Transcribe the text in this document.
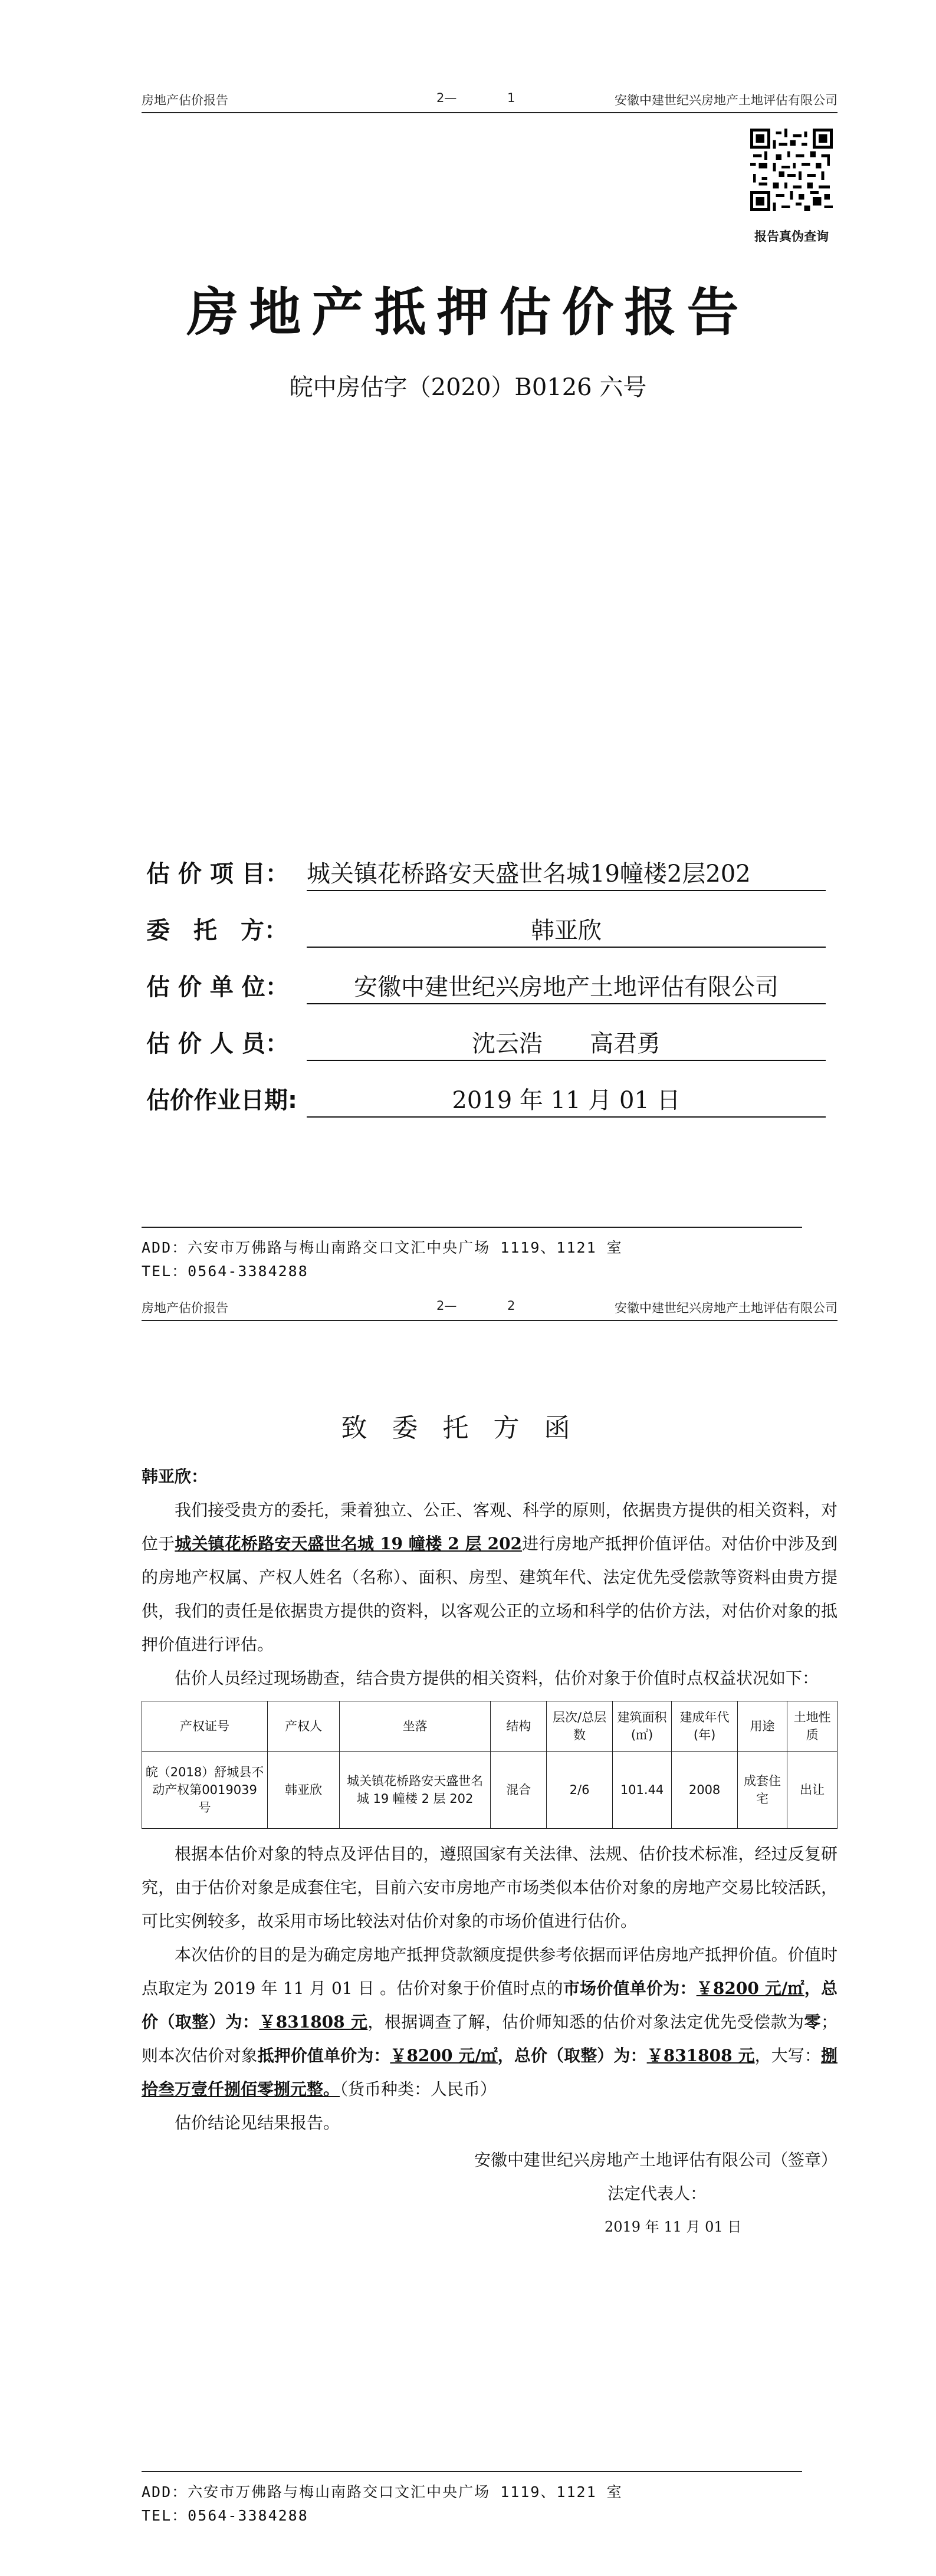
房地产估价报告	2—	1	安徽中建世纪兴房地产土地评估有限公司
报告真伪查询
房地产抵押估价报告
皖中房估字（2020）B0126 六号
估 价 项 目： 城关镇花桥路安天盛世名城19幢楼2层202
委　托　方：	韩亚欣
估 价 单 位：	安徽中建世纪兴房地产土地评估有限公司
估 价 人 员：	沈云浩　　高君勇
估价作业日期:	2019 年 11 月 01 日
ADD：六安市万佛路与梅山南路交口文汇中央广场 1119、1121 室
TEL：0564-3384288
房地产估价报告	2—	2	安徽中建世纪兴房地产土地评估有限公司
致委托方函
韩亚欣：

我们接受贵方的委托，秉着独立、公正、客观、科学的原则，依据贵方提供的相关资料，对位于城关镇花桥路安天盛世名城 19 幢楼 2 层 202进行房地产抵押价值评估。对估价中涉及到的房地产权属、产权人姓名（名称）、面积、房型、建筑年代、法定优先受偿款等资料由贵方提供，我们的责任是依据贵方提供的资料，以客观公正的立场和科学的估价方法，对估价对象的抵押价值进行评估。

估价人员经过现场勘查，结合贵方提供的相关资料，估价对象于价值时点权益状况如下：

产权证号	产权人	坐落	结构	层次/总层数	建筑面积(㎡)	建成年代(年)	用途	土地性质
皖（2018）舒城县不动产权第0019039 号	韩亚欣	城关镇花桥路安天盛世名城 19 幢楼 2 层 202	混合	2/6	101.44	2008	成套住宅	出让

根据本估价对象的特点及评估目的，遵照国家有关法律、法规、估价技术标准，经过反复研究，由于估价对象是成套住宅，目前六安市房地产市场类似本估价对象的房地产交易比较活跃，可比实例较多，故采用市场比较法对估价对象的市场价值进行估价。

本次估价的目的是为确定房地产抵押贷款额度提供参考依据而评估房地产抵押价值。价值时点取定为 2019 年 11 月 01 日 。估价对象于价值时点的市场价值单价为：￥8200 元/㎡，总价（取整）为：￥831808 元，根据调查了解，估价师知悉的估价对象法定优先受偿款为零；则本次估价对象抵押价值单价为：￥8200 元/㎡，总价（取整）为：￥831808 元，大写：捌拾叁万壹仟捌佰零捌元整。（货币种类：人民币）

估价结论见结果报告。

安徽中建世纪兴房地产土地评估有限公司（签章）
法定代表人：
2019 年 11 月 01 日
ADD：六安市万佛路与梅山南路交口文汇中央广场 1119、1121 室
TEL：0564-3384288
